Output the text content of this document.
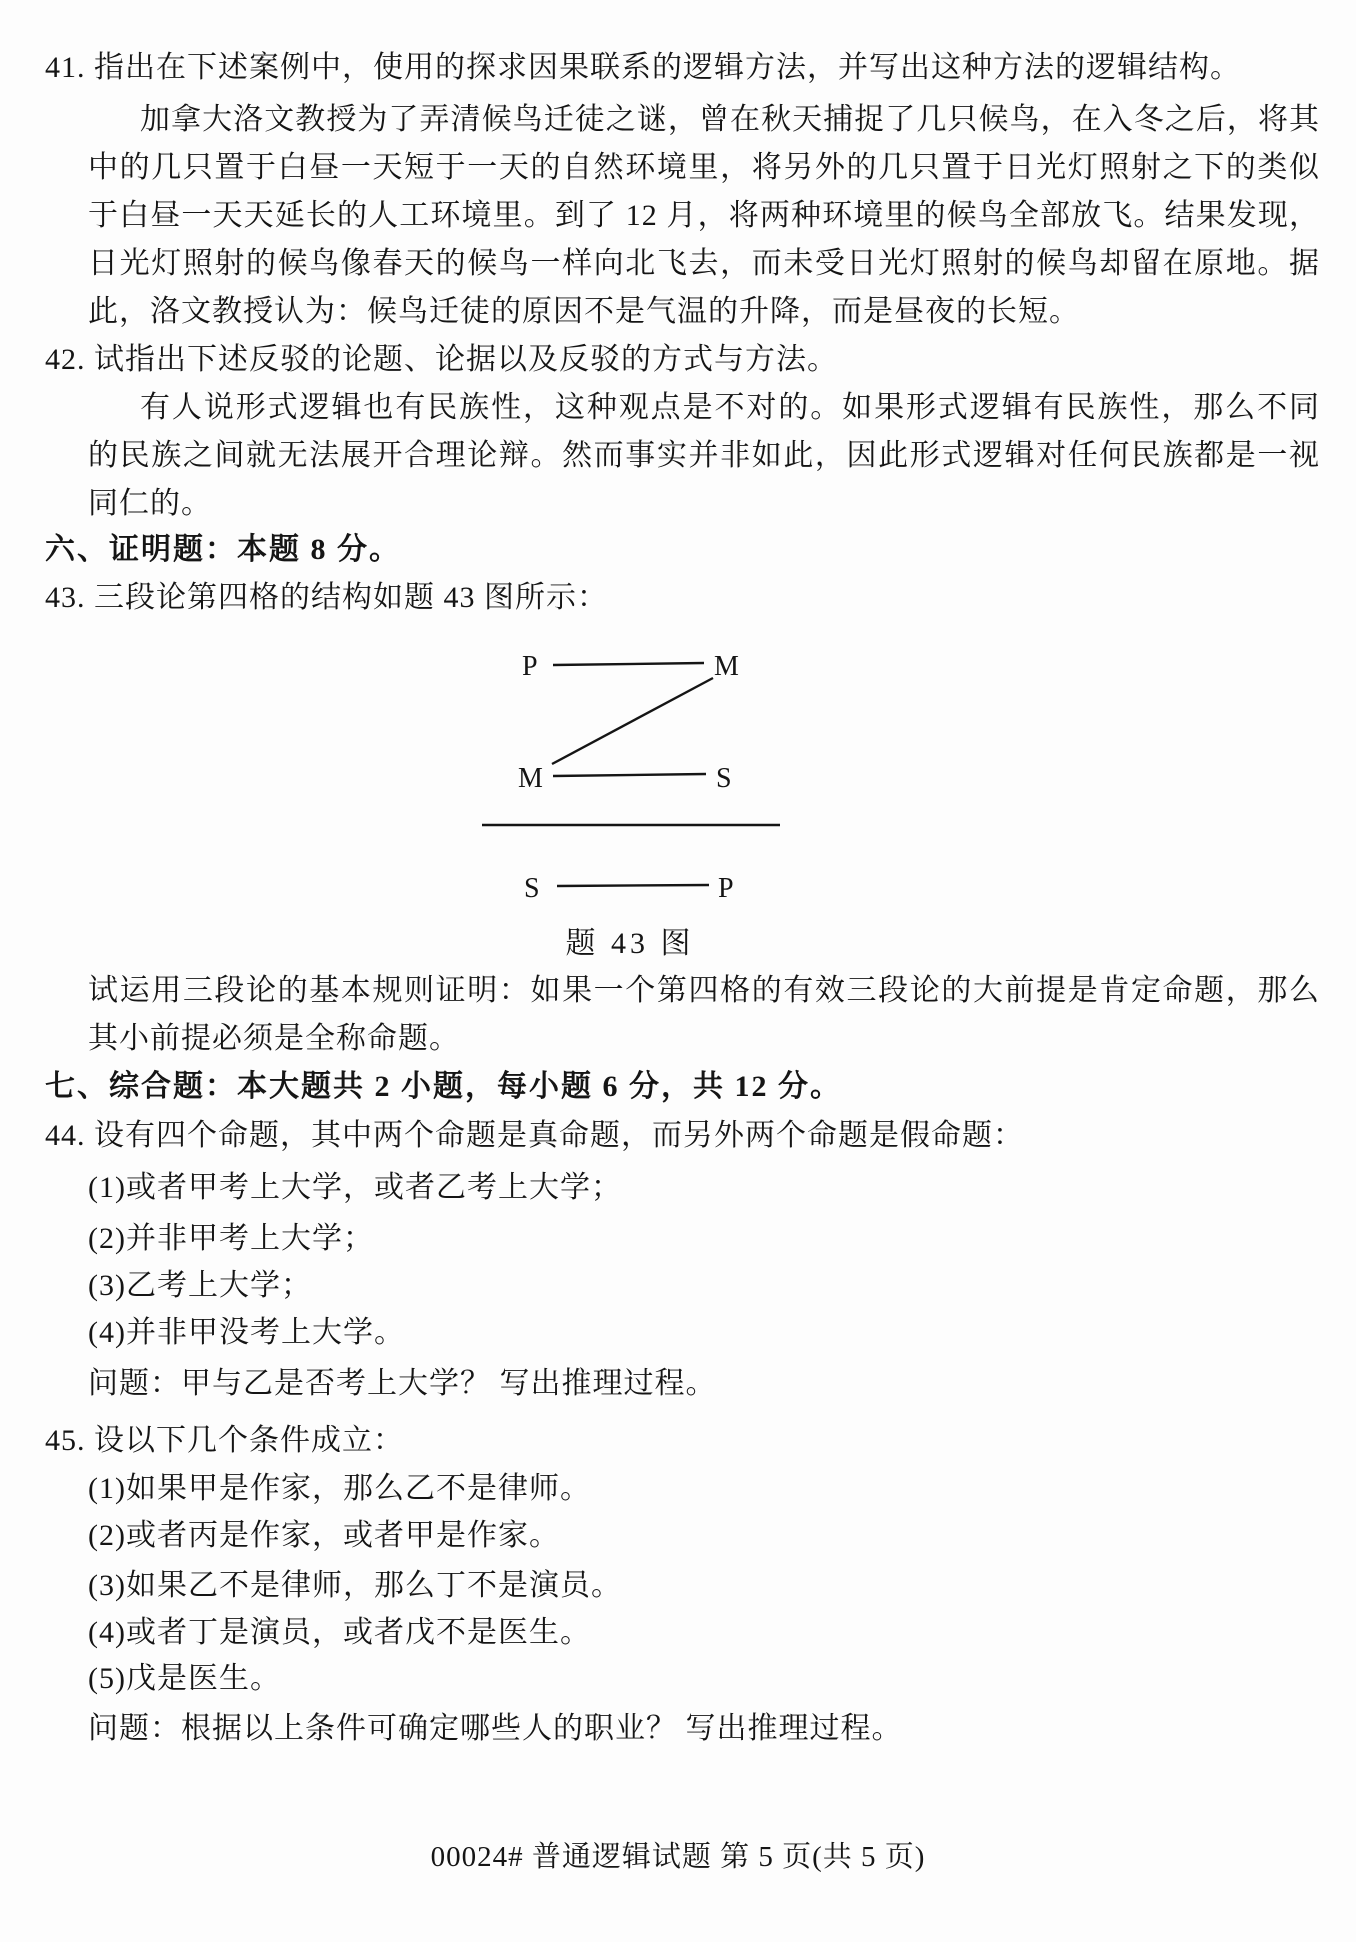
41. 指出在下述案例中，使用的探求因果联系的逻辑方法，并写出这种方法的逻辑结构。
加拿大洛文教授为了弄清候鸟迁徒之谜，曾在秋天捕捉了几只候鸟，在入冬之后，将其
中的几只置于白昼一天短于一天的自然环境里，将另外的几只置于日光灯照射之下的类似
于白昼一天天延长的人工环境里。到了 12 月，将两种环境里的候鸟全部放飞。结果发现，
日光灯照射的候鸟像春天的候鸟一样向北飞去，而未受日光灯照射的候鸟却留在原地。据
此，洛文教授认为：候鸟迁徒的原因不是气温的升降，而是昼夜的长短。
42. 试指出下述反驳的论题、论据以及反驳的方式与方法。
有人说形式逻辑也有民族性，这种观点是不对的。如果形式逻辑有民族性，那么不同
的民族之间就无法展开合理论辩。然而事实并非如此，因此形式逻辑对任何民族都是一视
同仁的。
六、证明题：本题 8 分。
43. 三段论第四格的结构如题 43 图所示：
P	M
M	S
S	P
题 43 图
试运用三段论的基本规则证明：如果一个第四格的有效三段论的大前提是肯定命题，那么
其小前提必须是全称命题。
七、综合题：本大题共 2 小题，每小题 6 分，共 12 分。
44. 设有四个命题，其中两个命题是真命题，而另外两个命题是假命题：
(1)或者甲考上大学，或者乙考上大学；
(2)并非甲考上大学；
(3)乙考上大学；
(4)并非甲没考上大学。
问题：甲与乙是否考上大学？ 写出推理过程。
45. 设以下几个条件成立：
(1)如果甲是作家，那么乙不是律师。
(2)或者丙是作家，或者甲是作家。
(3)如果乙不是律师，那么丁不是演员。
(4)或者丁是演员，或者戊不是医生。
(5)戊是医生。
问题：根据以上条件可确定哪些人的职业？ 写出推理过程。
00024# 普通逻辑试题 第 5 页(共 5 页)
